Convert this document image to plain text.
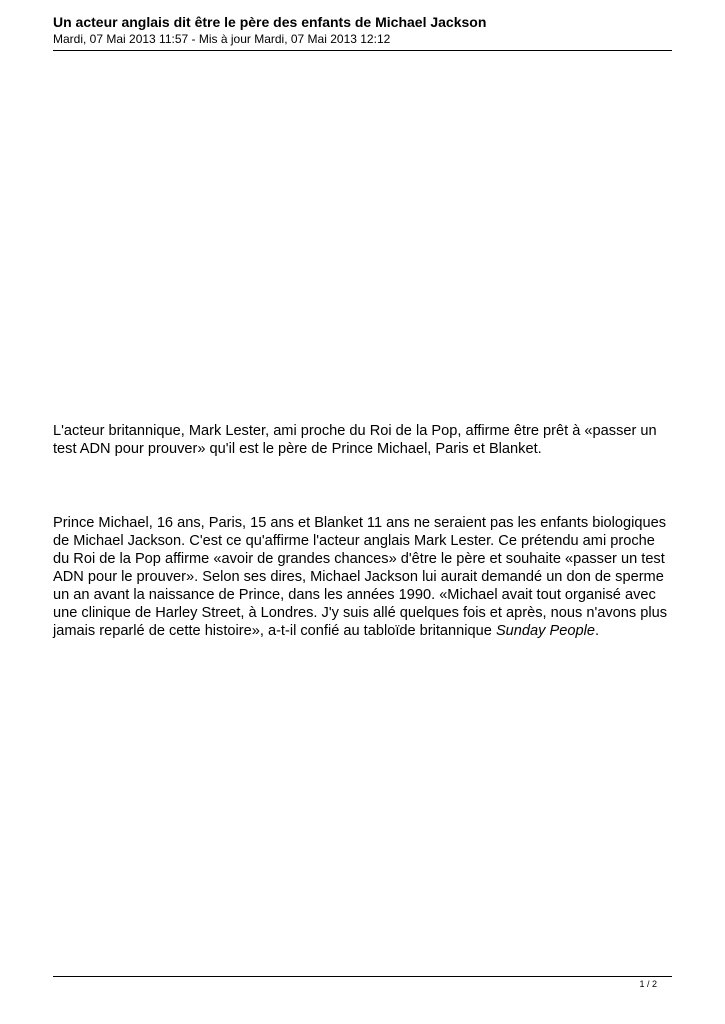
Un acteur anglais dit être le père des enfants de Michael Jackson

Mardi, 07 Mai 2013 11:57 - Mis à jour Mardi, 07 Mai 2013 12:12

L'acteur britannique, Mark Lester, ami proche du Roi de la Pop, affirme être prêt à «passer un test ADN pour prouver» qu'il est le père de Prince Michael, Paris et Blanket.

Prince Michael, 16 ans, Paris, 15 ans et Blanket 11 ans ne seraient pas les enfants biologiques de Michael Jackson. C'est ce qu'affirme l'acteur anglais Mark Lester. Ce prétendu ami proche du Roi de la Pop affirme «avoir de grandes chances» d'être le père et souhaite «passer un test ADN pour le prouver». Selon ses dires, Michael Jackson lui aurait demandé un don de sperme un an avant la naissance de Prince, dans les années 1990. «Michael avait tout organisé avec une clinique de Harley Street, à Londres. J'y suis allé quelques fois et après, nous n'avons plus jamais reparlé de cette histoire», a-t-il confié au tabloïde britannique Sunday People.

1 / 2
